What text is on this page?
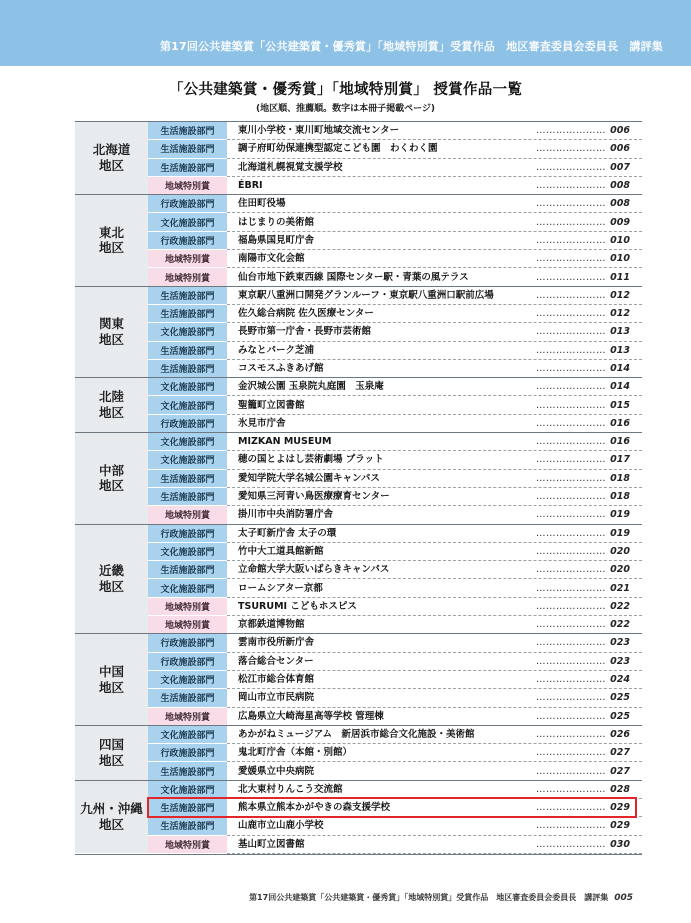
第17回公共建築賞「公共建築賞・優秀賞」「地域特別賞」受賞作品　地区審査委員会委員長　講評集
「公共建築賞・優秀賞」「地域特別賞」 授賞作品一覧
(地区順、推薦順。数字は本冊子掲載ページ)
北海道
地区	生活施設部門	東川小学校・東川町地域交流センター ………………… 006

	生活施設部門	調子府町幼保連携型認定こども園　わくわく園 ………………… 006

	生活施設部門	北海道札幌視覚支援学校 ………………… 007

	地域特別賞	ÉBRI ………………… 008

東北
地区	行政施設部門	住田町役場 ………………… 008

	文化施設部門	はじまりの美術館 ………………… 009

	行政施設部門	福島県国見町庁舎 ………………… 010

	地域特別賞	南陽市文化会館 ………………… 010

	地域特別賞	仙台市地下鉄東西線 国際センター駅・青葉の風テラス ………………… 011

関東
地区	生活施設部門	東京駅八重洲口開発グランルーフ・東京駅八重洲口駅前広場 ………………… 012

	生活施設部門	佐久総合病院 佐久医療センター ………………… 012

	文化施設部門	長野市第一庁舎・長野市芸術館 ………………… 013

	生活施設部門	みなとパーク芝浦 ………………… 013

	生活施設部門	コスモスふきあげ館 ………………… 014

北陸
地区	文化施設部門	金沢城公園 玉泉院丸庭園　玉泉庵 ………………… 014

	文化施設部門	聖籠町立図書館 ………………… 015

	行政施設部門	氷見市庁舎 ………………… 016

中部
地区	文化施設部門	MIZKAN MUSEUM ………………… 016

	文化施設部門	穂の国とよはし芸術劇場 プラット ………………… 017

	生活施設部門	愛知学院大学名城公園キャンパス ………………… 018

	生活施設部門	愛知県三河青い鳥医療療育センター ………………… 018

	地域特別賞	掛川市中央消防署庁舎 ………………… 019

近畿
地区	行政施設部門	太子町新庁舎 太子の環 ………………… 019

	文化施設部門	竹中大工道具館新館 ………………… 020

	生活施設部門	立命館大学大阪いばらきキャンパス ………………… 020

	文化施設部門	ロームシアター京都 ………………… 021

	地域特別賞	TSURUMI こどもホスピス ………………… 022

	地域特別賞	京都鉄道博物館 ………………… 022

中国
地区	行政施設部門	雲南市役所新庁舎 ………………… 023

	行政施設部門	落合総合センター ………………… 023

	文化施設部門	松江市総合体育館 ………………… 024

	生活施設部門	岡山市立市民病院 ………………… 025

	地域特別賞	広島県立大崎海星高等学校 管理棟 ………………… 025

四国
地区	文化施設部門	あかがねミュージアム　新居浜市総合文化施設・美術館 ………………… 026

	行政施設部門	鬼北町庁舎（本館・別館） ………………… 027

	生活施設部門	愛媛県立中央病院 ………………… 027

九州・沖縄
地区	文化施設部門	北大東村りんこう交流館 ………………… 028

	生活施設部門	熊本県立熊本かがやきの森支援学校 ………………… 029

	生活施設部門	山鹿市立山鹿小学校 ………………… 029

	地域特別賞	基山町立図書館 ………………… 030
第17回公共建築賞「公共建築賞・優秀賞」「地域特別賞」受賞作品　地区審査委員会委員長　講評集 005
